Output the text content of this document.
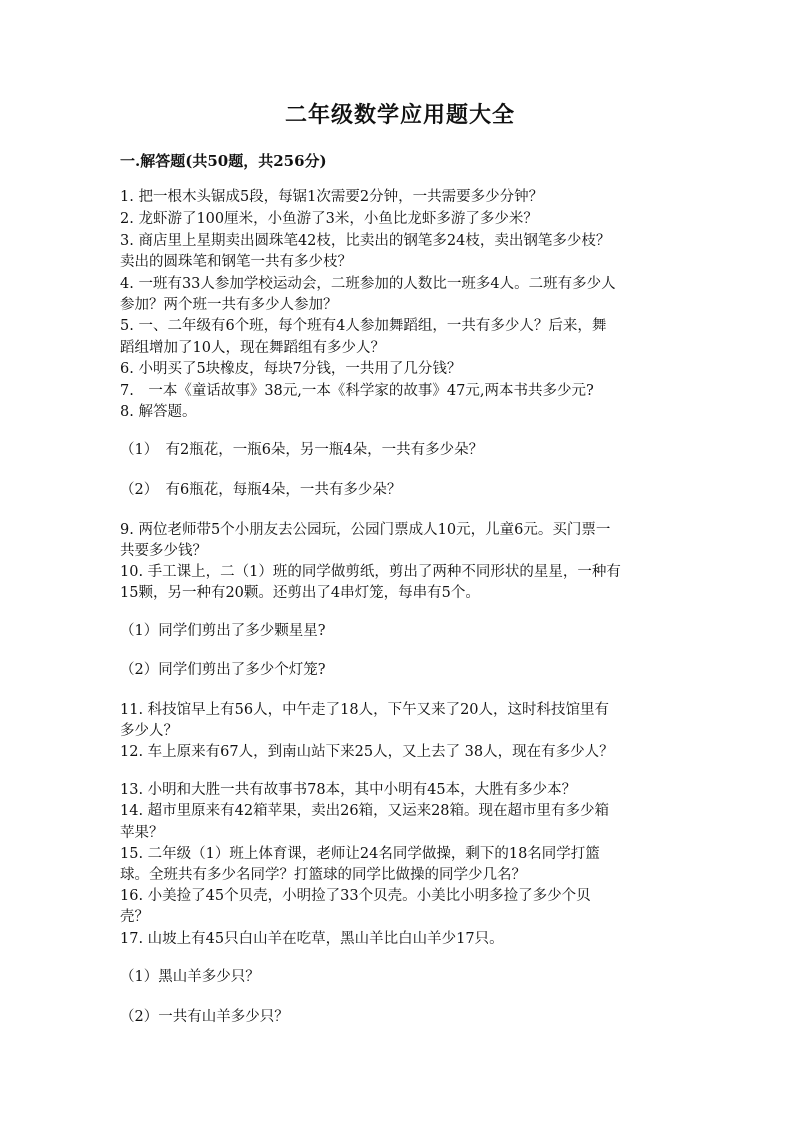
二年级数学应用题大全
一.解答题(共50题，共256分)
1. 把一根木头锯成5段，每锯1次需要2分钟，一共需要多少分钟？
2. 龙虾游了100厘米，小鱼游了3米，小鱼比龙虾多游了多少米？
3. 商店里上星期卖出圆珠笔42枝，比卖出的钢笔多24枝，卖出钢笔多少枝？
卖出的圆珠笔和钢笔一共有多少枝？
4. 一班有33人参加学校运动会，二班参加的人数比一班多4人。二班有多少人
参加？两个班一共有多少人参加？
5. 一、二年级有6个班，每个班有4人参加舞蹈组，一共有多少人？后来，舞
蹈组增加了10人，现在舞蹈组有多少人？
6. 小明买了5块橡皮，每块7分钱，一共用了几分钱？
7.　一本《童话故事》38元,一本《科学家的故事》47元,两本书共多少元?
8. 解答题。
（1）　有2瓶花，一瓶6朵，另一瓶4朵，一共有多少朵？
（2）　有6瓶花，每瓶4朵，一共有多少朵？
9. 两位老师带5个小朋友去公园玩，公园门票成人10元，儿童6元。买门票一
共要多少钱？
10. 手工课上，二（1）班的同学做剪纸，剪出了两种不同形状的星星，一种有
15颗，另一种有20颗。还剪出了4串灯笼，每串有5个。
（1）同学们剪出了多少颗星星?
（2）同学们剪出了多少个灯笼?
11. 科技馆早上有56人，中午走了18人，下午又来了20人，这时科技馆里有
多少人？
12. 车上原来有67人，到南山站下来25人，又上去了 38人，现在有多少人？
13. 小明和大胜一共有故事书78本，其中小明有45本，大胜有多少本？
14. 超市里原来有42箱苹果，卖出26箱，又运来28箱。现在超市里有多少箱
苹果？
15. 二年级（1）班上体育课，老师让24名同学做操，剩下的18名同学打篮
球。全班共有多少名同学？打篮球的同学比做操的同学少几名？
16. 小美捡了45个贝壳，小明捡了33个贝壳。小美比小明多捡了多少个贝
壳？
17. 山坡上有45只白山羊在吃草，黑山羊比白山羊少17只。
（1）黑山羊多少只？
（2）一共有山羊多少只？
